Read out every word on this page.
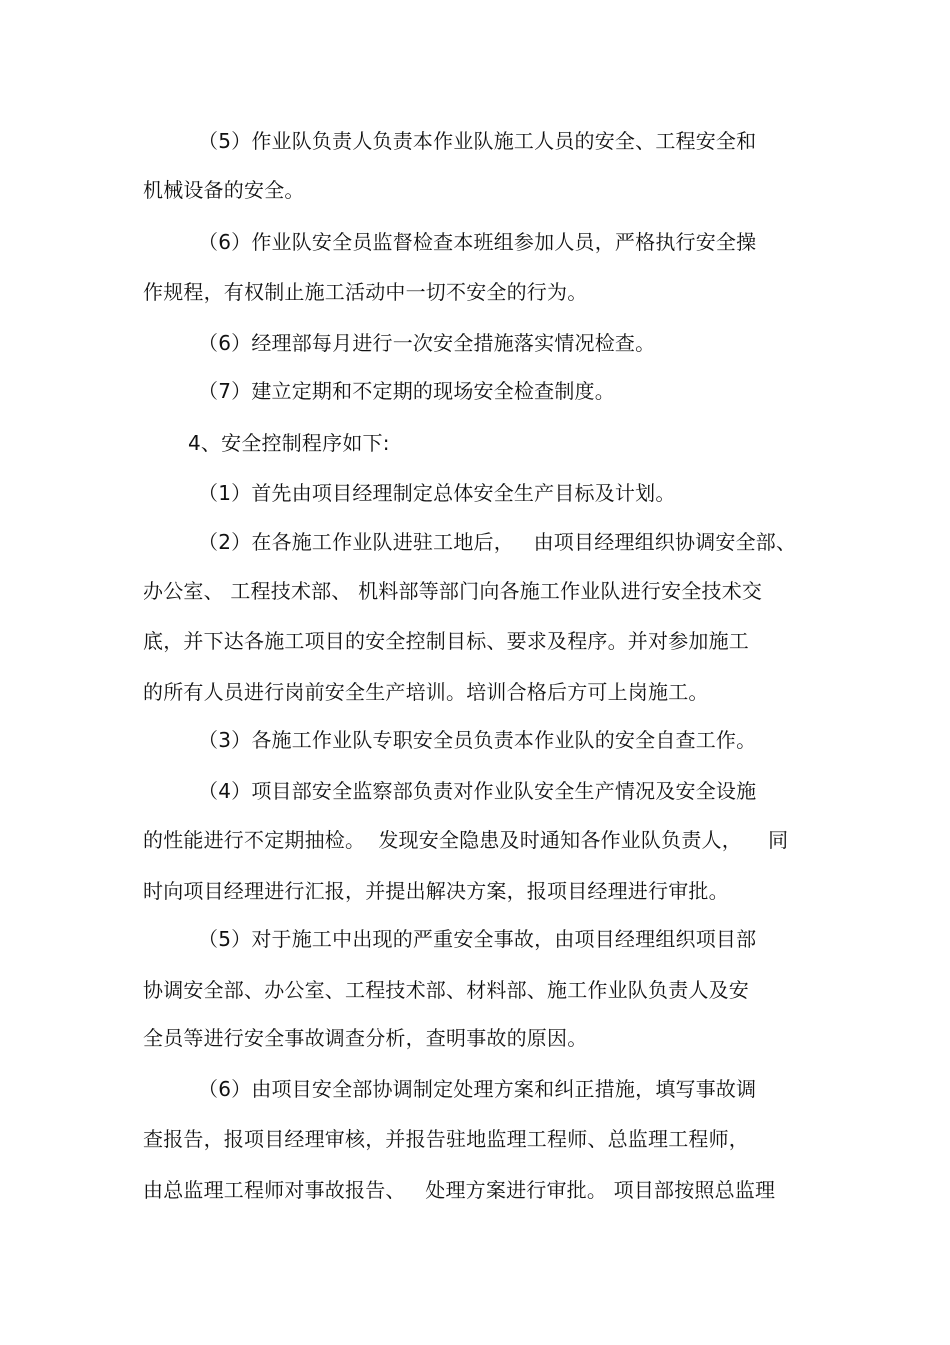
（5）作业队负责人负责本作业队施工人员的安全、工程安全和
机械设备的安全。
（6）作业队安全员监督检查本班组参加人员，严格执行安全操
作规程，有权制止施工活动中一切不安全的行为。
（6）经理部每月进行一次安全措施落实情况检查。
（7）建立定期和不定期的现场安全检查制度。
4、安全控制程序如下:
（1）首先由项目经理制定总体安全生产目标及计划。
（2）在各施工作业队进驻工地后，   由项目经理组织协调安全部、
办公室、 工程技术部、 机料部等部门向各施工作业队进行安全技术交
底，并下达各施工项目的安全控制目标、要求及程序。并对参加施工
的所有人员进行岗前安全生产培训。培训合格后方可上岗施工。
（3）各施工作业队专职安全员负责本作业队的安全自查工作。
（4）项目部安全监察部负责对作业队安全生产情况及安全设施
的性能进行不定期抽检。  发现安全隐患及时通知各作业队负责人，    同
时向项目经理进行汇报，并提出解决方案，报项目经理进行审批。
（5）对于施工中出现的严重安全事故，由项目经理组织项目部
协调安全部、办公室、工程技术部、材料部、施工作业队负责人及安
全员等进行安全事故调查分析，查明事故的原因。
（6）由项目安全部协调制定处理方案和纠正措施，填写事故调
查报告，报项目经理审核，并报告驻地监理工程师、总监理工程师，
由总监理工程师对事故报告、   处理方案进行审批。 项目部按照总监理
